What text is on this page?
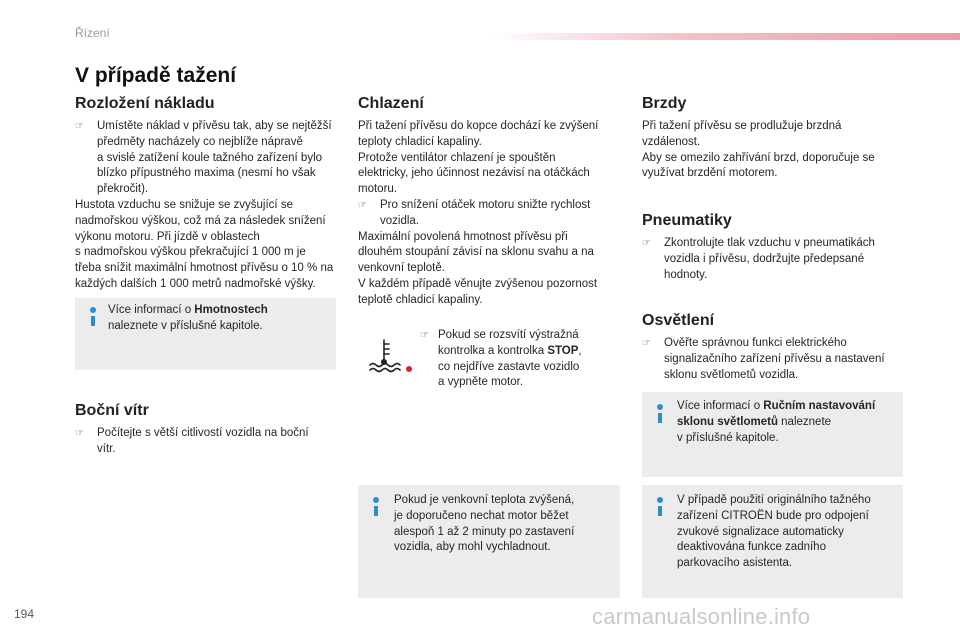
Řízení
V případě tažení
Rozložení nákladu
☞ Umístěte náklad v přívěsu tak, aby se nejtěžší

předměty nacházely co nejblíže nápravě

a svislé zatížení koule tažného zařízení bylo

blízko přípustného maxima (nesmí ho však

překročit).

Hustota vzduchu se snižuje se zvyšující se

nadmořskou výškou, což má za následek snížení

výkonu motoru. Při jízdě v oblastech

s nadmořskou výškou překračující 1 000 m je

třeba snížit maximální hmotnost přívěsu o 10 % na

každých dalších 1 000 metrů nadmořské výšky.

Více informací o Hmotnostech

naleznete v příslušné kapitole.

Boční vítr
☞ Počítejte s větší citlivostí vozidla na boční

vítr.

Chlazení

Při tažení přívěsu do kopce dochází ke zvýšení

teploty chladicí kapaliny.

Protože ventilátor chlazení je spouštěn

elektricky, jeho účinnost nezávisí na otáčkách

motoru.

☞ Pro snížení otáček motoru snižte rychlost

vozidla.

Maximální povolená hmotnost přívěsu při

dlouhém stoupání závisí na sklonu svahu a na

venkovní teplotě.

V každém případě věnujte zvýšenou pozornost

teplotě chladicí kapaliny.

☞ Pokud se rozsvítí výstražná

kontrolka a kontrolka STOP,

co nejdříve zastavte vozidlo

a vypněte motor.

Pokud je venkovní teplota zvýšená,

je doporučeno nechat motor běžet

alespoň 1 až 2 minuty po zastavení

vozidla, aby mohl vychladnout.

Brzdy

Při tažení přívěsu se prodlužuje brzdná

vzdálenost.

Aby se omezilo zahřívání brzd, doporučuje se

využívat brzdění motorem.

Pneumatiky
☞ Zkontrolujte tlak vzduchu v pneumatikách

vozidla i přívěsu, dodržujte předepsané

hodnoty.

Osvětlení
☞ Ověřte správnou funkci elektrického

signalizačního zařízení přívěsu a nastavení

sklonu světlometů vozidla.

Více informací o Ručním nastavování

sklonu světlometů naleznete

v příslušné kapitole.

V případě použití originálního tažného

zařízení CITROËN bude pro odpojení

zvukové signalizace automaticky

deaktivována funkce zadního

parkovacího asistenta.

194	carmanualsonline.info
